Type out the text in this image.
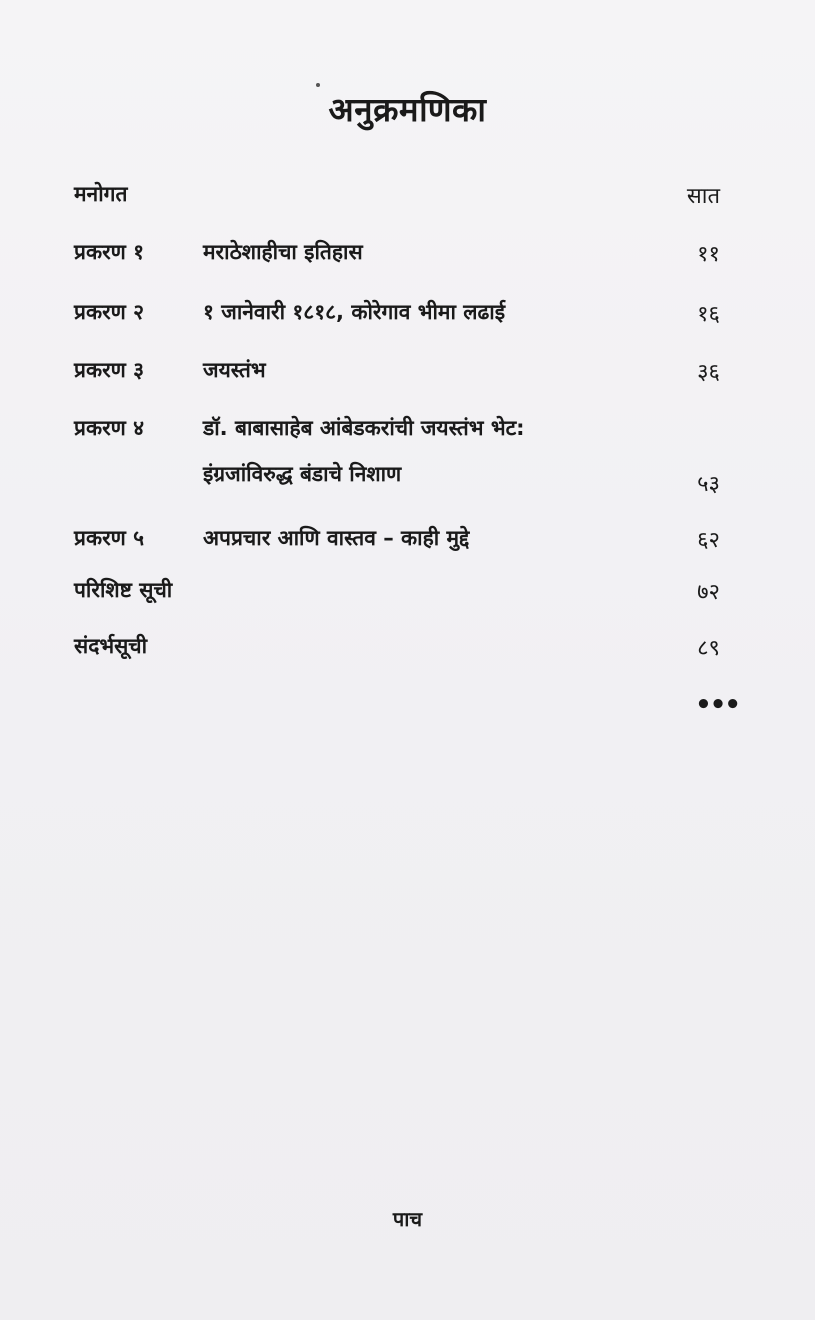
अनुक्रमणिका
मनोगत	सात
प्रकरण १	मराठेशाहीचा इतिहास	११
प्रकरण २	१ जानेवारी १८१८, कोरेगाव भीमा लढाई	१६
प्रकरण ३	जयस्तंभ	३६
प्रकरण ४	डॉ. बाबासाहेब आंबेडकरांची जयस्तंभ भेट:
इंग्रजांविरुद्ध बंडाचे निशाण	५३
प्रकरण ५	अपप्रचार आणि वास्तव – काही मुद्दे	६२
परिशिष्ट सूची	७२
संदर्भसूची	८९
•••
पाच
